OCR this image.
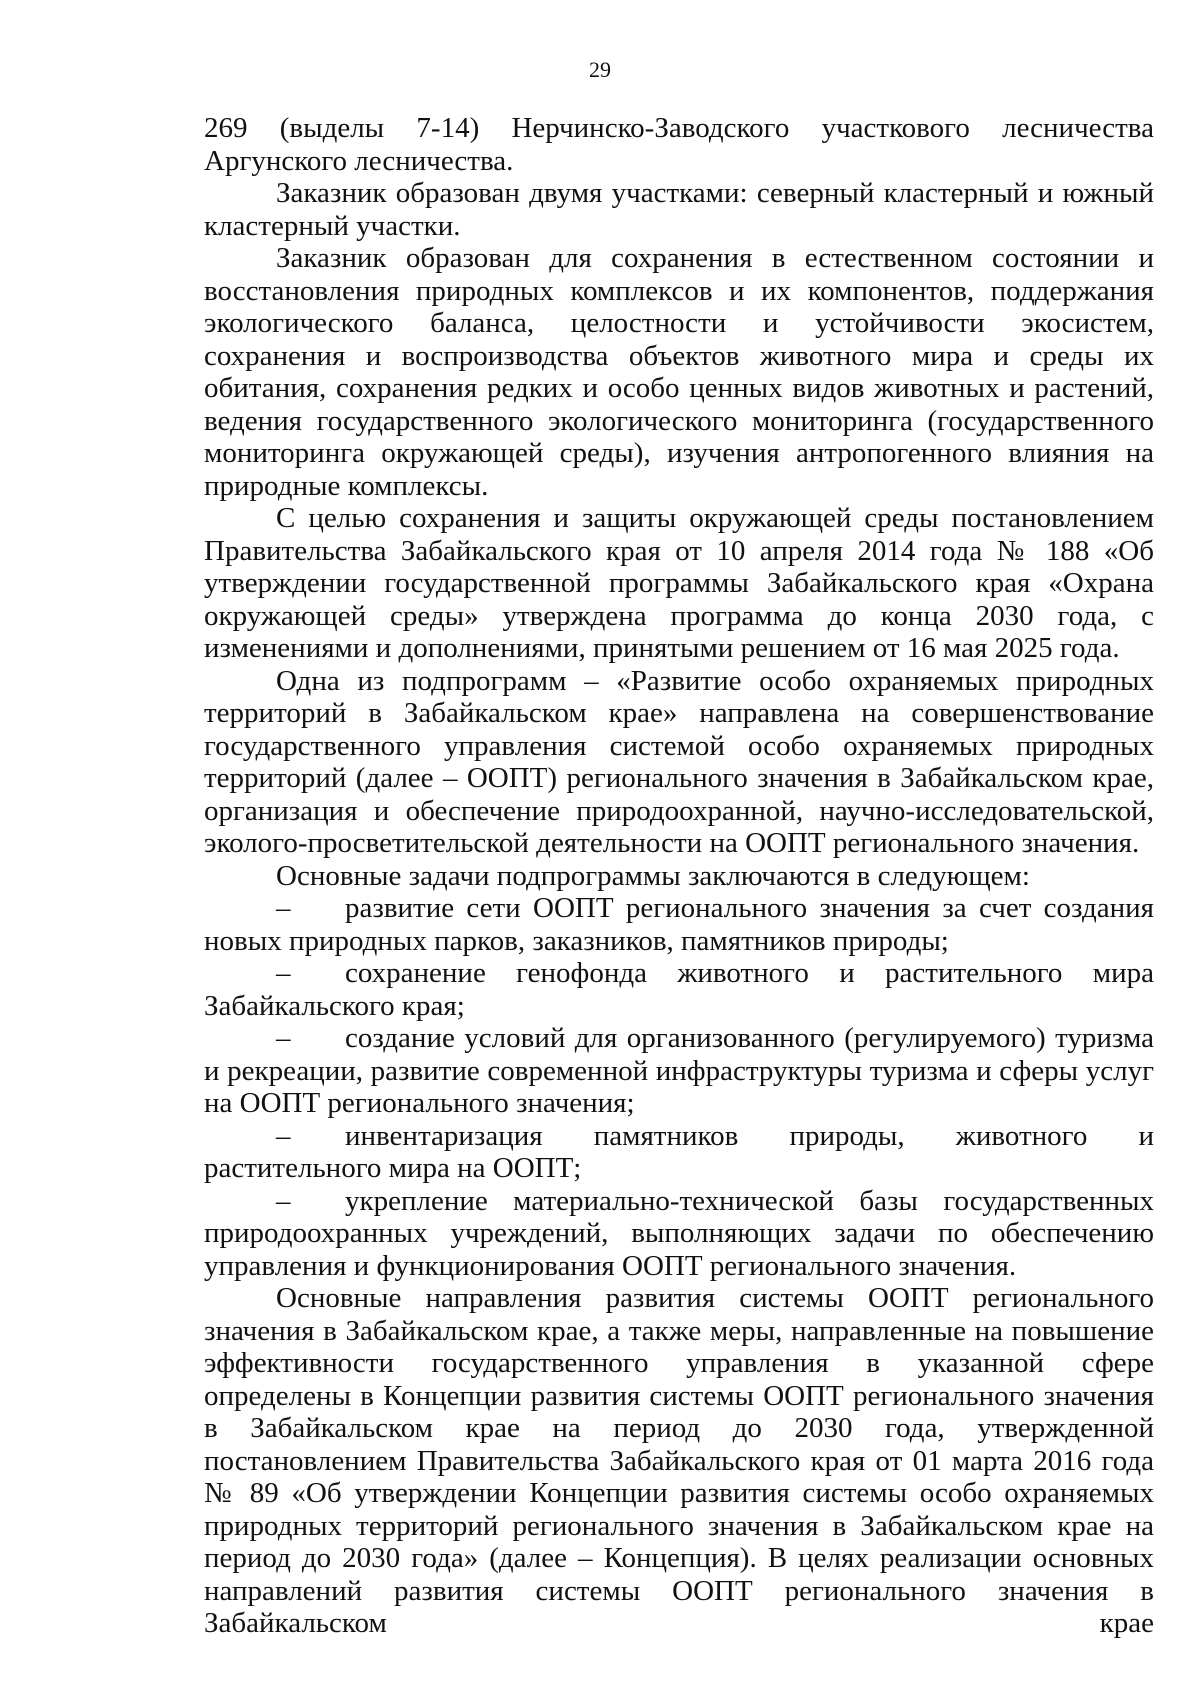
29

269 (выделы 7-14) Нерчинско-Заводского участкового лесничества Аргунского лесничества.

Заказник образован двумя участками: северный кластерный и южный кластерный участки.

Заказник образован для сохранения в естественном состоянии и восстановления природных комплексов и их компонентов, поддержания экологического баланса, целостности и устойчивости экосистем, сохранения и воспроизводства объектов животного мира и среды их обитания, сохранения редких и особо ценных видов животных и растений, ведения государственного экологического мониторинга (государственного мониторинга окружающей среды), изучения антропогенного влияния на природные комплексы.

С целью сохранения и защиты окружающей среды постановлением Правительства Забайкальского края от 10 апреля 2014 года № 188 «Об утверждении государственной программы Забайкальского края «Охрана окружающей среды» утверждена программа до конца 2030 года, с изменениями и дополнениями, принятыми решением от 16 мая 2025 года.

Одна из подпрограмм – «Развитие особо охраняемых природных территорий в Забайкальском крае» направлена на совершенствование государственного управления системой особо охраняемых природных территорий (далее – ООПТ) регионального значения в Забайкальском крае, организация и обеспечение природоохранной, научно-исследовательской, эколого-просветительской деятельности на ООПТ регионального значения.

Основные задачи подпрограммы заключаются в следующем:

– развитие сети ООПТ регионального значения за счет создания новых природных парков, заказников, памятников природы;

– сохранение генофонда животного и растительного мира Забайкальского края;

– создание условий для организованного (регулируемого) туризма и рекреации, развитие современной инфраструктуры туризма и сферы услуг на ООПТ регионального значения;

– инвентаризация памятников природы, животного и растительного мира на ООПТ;

– укрепление материально-технической базы государственных природоохранных учреждений, выполняющих задачи по обеспечению управления и функционирования ООПТ регионального значения.

Основные направления развития системы ООПТ регионального значения в Забайкальском крае, а также меры, направленные на повышение эффективности государственного управления в указанной сфере определены в Концепции развития системы ООПТ регионального значения в Забайкальском крае на период до 2030 года, утвержденной постановлением Правительства Забайкальского края от 01 марта 2016 года № 89 «Об утверждении Концепции развития системы особо охраняемых природных территорий регионального значения в Забайкальском крае на период до 2030 года» (далее – Концепция). В целях реализации основных направлений развития системы ООПТ регионального значения в Забайкальском крае
